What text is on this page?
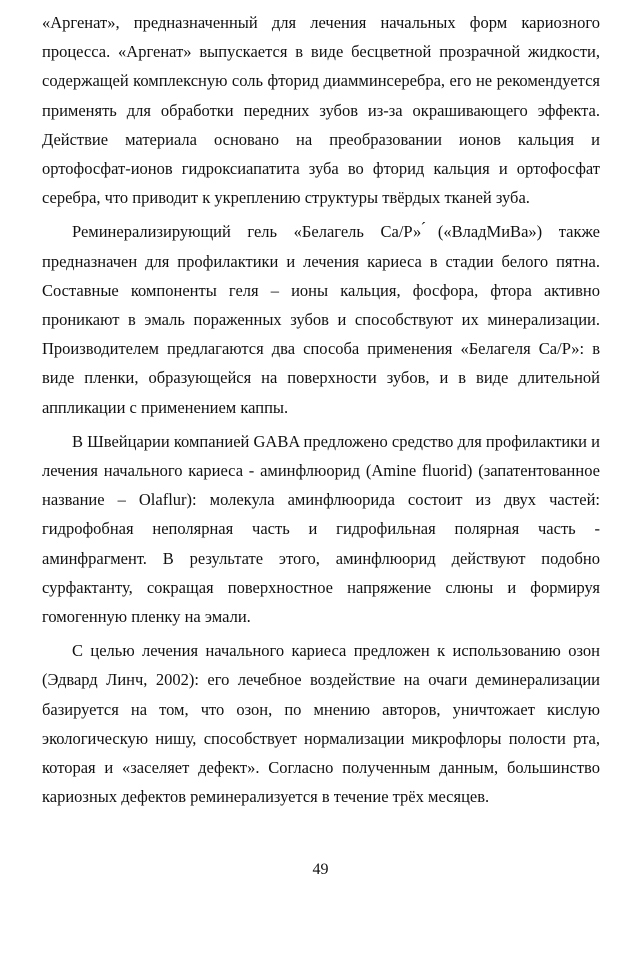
«Аргенат», предназначенный для лечения начальных форм кариозного процесса. «Аргенат» выпускается в виде бесцветной прозрачной жидкости, содержащей комплексную соль фторид диамминсеребра, его не рекомендуется применять для обработки передних зубов из-за окрашивающего эффекта. Действие материала основано на преобразовании ионов кальция и ортофосфат-ионов гидроксиапатита зуба во фторид кальция и ортофосфат серебра, что приводит к укреплению структуры твёрдых тканей зуба.

Реминерализирующий гель «Белагель Са/Р» ́(«ВладМиВа») также предназначен для профилактики и лечения кариеса в стадии белого пятна. Составные компоненты геля – ионы кальция, фосфора, фтора активно проникают в эмаль пораженных зубов и способствуют их минерализации. Производителем предлагаются два способа применения «Белагеля Са/Р»: в виде пленки, образующейся на поверхности зубов, и в виде длительной аппликации с применением каппы.

В Швейцарии компанией GABA предложено средство для профилактики и лечения начального кариеса - аминфлюорид (Amine fluorid) (запатентованное название – Olaflur): молекула аминфлюорида состоит из двух частей: гидрофобная неполярная часть и гидрофильная полярная часть - аминфрагмент. В результате этого, аминфлюорид действуют подобно сурфактанту, сокращая поверхностное напряжение слюны и формируя гомогенную пленку на эмали.

С целью лечения начального кариеса предложен к использованию озон (Эдвард Линч, 2002): его лечебное воздействие на очаги деминерализации базируется на том, что озон, по мнению авторов, уничтожает кислую экологическую нишу, способствует нормализации микрофлоры полости рта, которая и «заселяет дефект». Согласно полученным данным, большинство кариозных дефектов реминерализуется в течение трёх месяцев.

49
